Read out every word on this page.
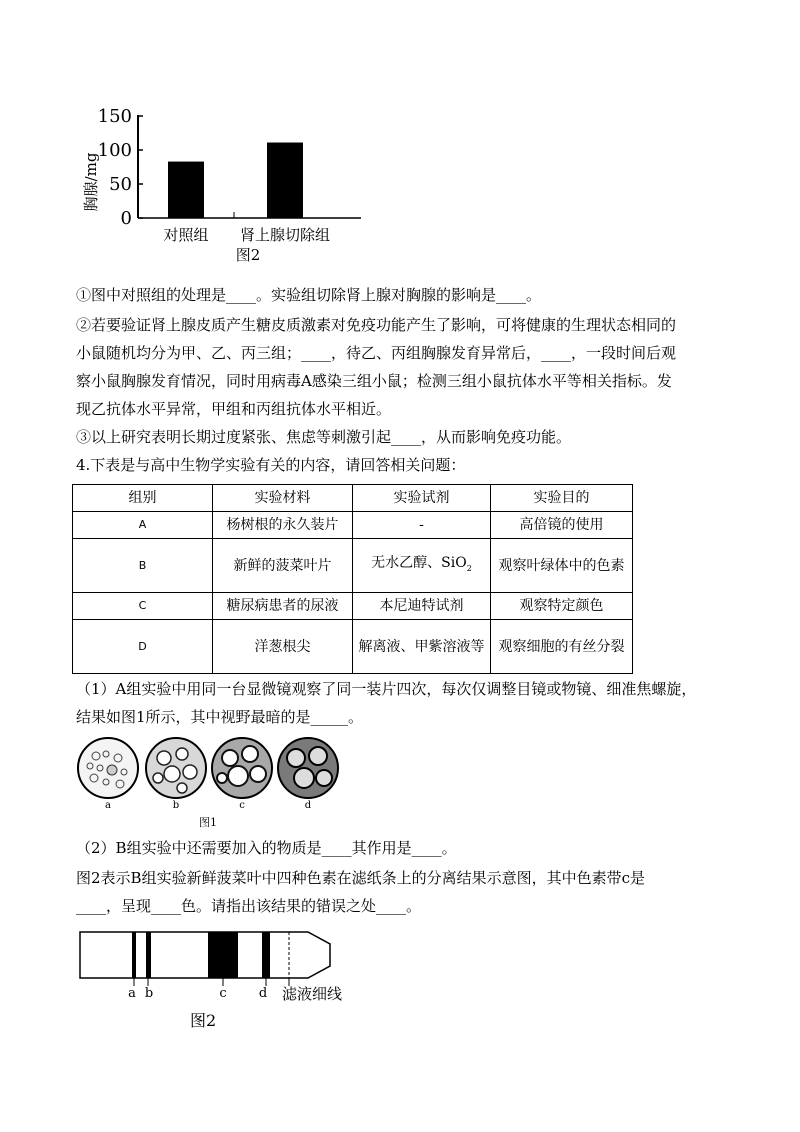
胸腺/mg
150
100
50
0
对照组 肾上腺切除组
图2
①图中对照组的处理是____。实验组切除肾上腺对胸腺的影响是____。
②若要验证肾上腺皮质产生糖皮质激素对免疫功能产生了影响，可将健康的生理状态相同的
小鼠随机均分为甲、乙、丙三组；____，待乙、丙组胸腺发育异常后，____，一段时间后观
察小鼠胸腺发育情况，同时用病毒A感染三组小鼠；检测三组小鼠抗体水平等相关指标。发
现乙抗体水平异常，甲组和丙组抗体水平相近。
③以上研究表明长期过度紧张、焦虑等刺激引起____，从而影响免疫功能。
4.下表是与高中生物学实验有关的内容，请回答相关问题：
组别	实验材料	实验试剂	实验目的
A	杨树根的永久装片	-	高倍镜的使用
B	新鲜的菠菜叶片	无水乙醇、SiO$_2$	观察叶绿体中的色素
C	糖尿病患者的尿液	本尼迪特试剂	观察特定颜色
D	洋葱根尖	解离液、甲紫溶液等	观察细胞的有丝分裂
（1）A组实验中用同一台显微镜观察了同一装片四次，每次仅调整目镜或物镜、细准焦螺旋，
结果如图1所示，其中视野最暗的是_____。
a	b	c	d
图1
（2）B组实验中还需要加入的物质是____其作用是____。
图2表示B组实验新鲜菠菜叶中四种色素在滤纸条上的分离结果示意图，其中色素带c是
____，呈现____色。请指出该结果的错误之处____。
a b	c d 滤液细线
图2
